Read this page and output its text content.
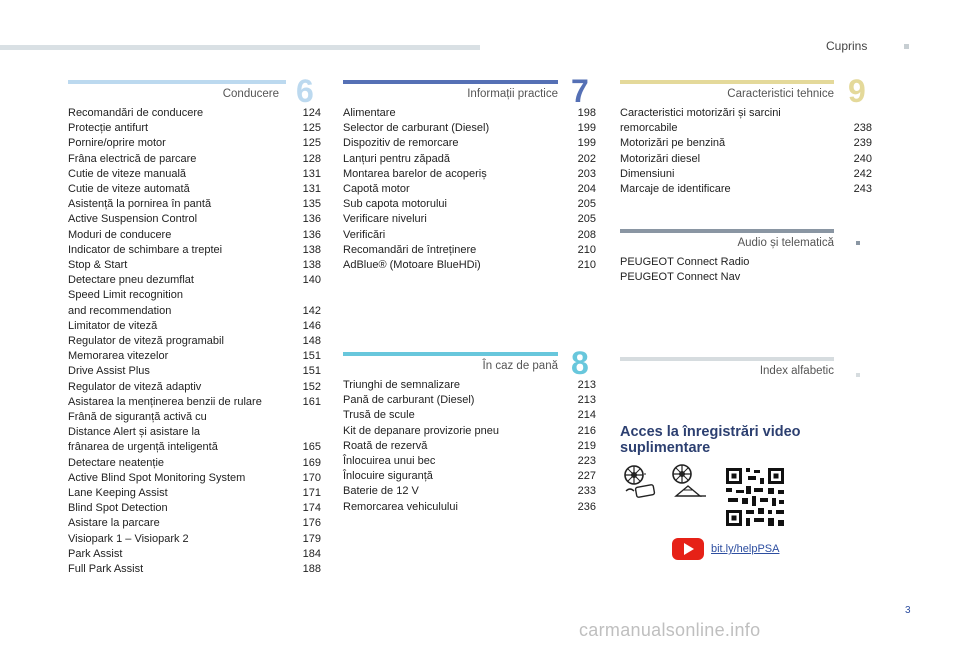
Cuprins
Conducere 6
Recomandări de conducere	124
Protecție antifurt	125
Pornire/oprire motor	125
Frâna electrică de parcare	128
Cutie de viteze manuală	131
Cutie de viteze automată	131
Asistență la pornirea în pantă	135
Active Suspension Control	136
Moduri de conducere	136
Indicator de schimbare a treptei	138
Stop & Start	138
Detectare pneu dezumflat	140
Speed Limit recognition
and recommendation	142
Limitator de viteză	146
Regulator de viteză programabil	148
Memorarea vitezelor	151
Drive Assist Plus	151
Regulator de viteză adaptiv	152
Asistarea la menținerea benzii de rulare	161
Frână de siguranță activă cu
Distance Alert și asistare la
frânarea de urgență inteligentă	165
Detectare neatenție	169
Active Blind Spot Monitoring System	170
Lane Keeping Assist	171
Blind Spot Detection	174
Asistare la parcare	176
Visiopark 1 – Visiopark 2	179
Park Assist	184
Full Park Assist	188
Informații practice 7
Alimentare	198
Selector de carburant (Diesel)	199
Dispozitiv de remorcare	199
Lanțuri pentru zăpadă	202
Montarea barelor de acoperiș	203
Capotă motor	204
Sub capota motorului	205
Verificare niveluri	205
Verificări	208
Recomandări de întreținere	210
AdBlue® (Motoare BlueHDi)	210
În caz de pană 8
Triunghi de semnalizare	213
Pană de carburant (Diesel)	213
Trusă de scule	214
Kit de depanare provizorie pneu	216
Roată de rezervă	219
Înlocuirea unui bec	223
Înlocuire siguranță	227
Baterie de 12 V	233
Remorcarea vehiculului	236
Caracteristici tehnice 9
Caracteristici motorizări și sarcini
remorcabile	238
Motorizări pe benzină	239
Motorizări diesel	240
Dimensiuni	242
Marcaje de identificare	243
Audio și telematică
PEUGEOT Connect Radio
PEUGEOT Connect Nav
Index alfabetic
Acces la înregistrări video suplimentare
bit.ly/helpPSA
3
carmanualsonline.info
